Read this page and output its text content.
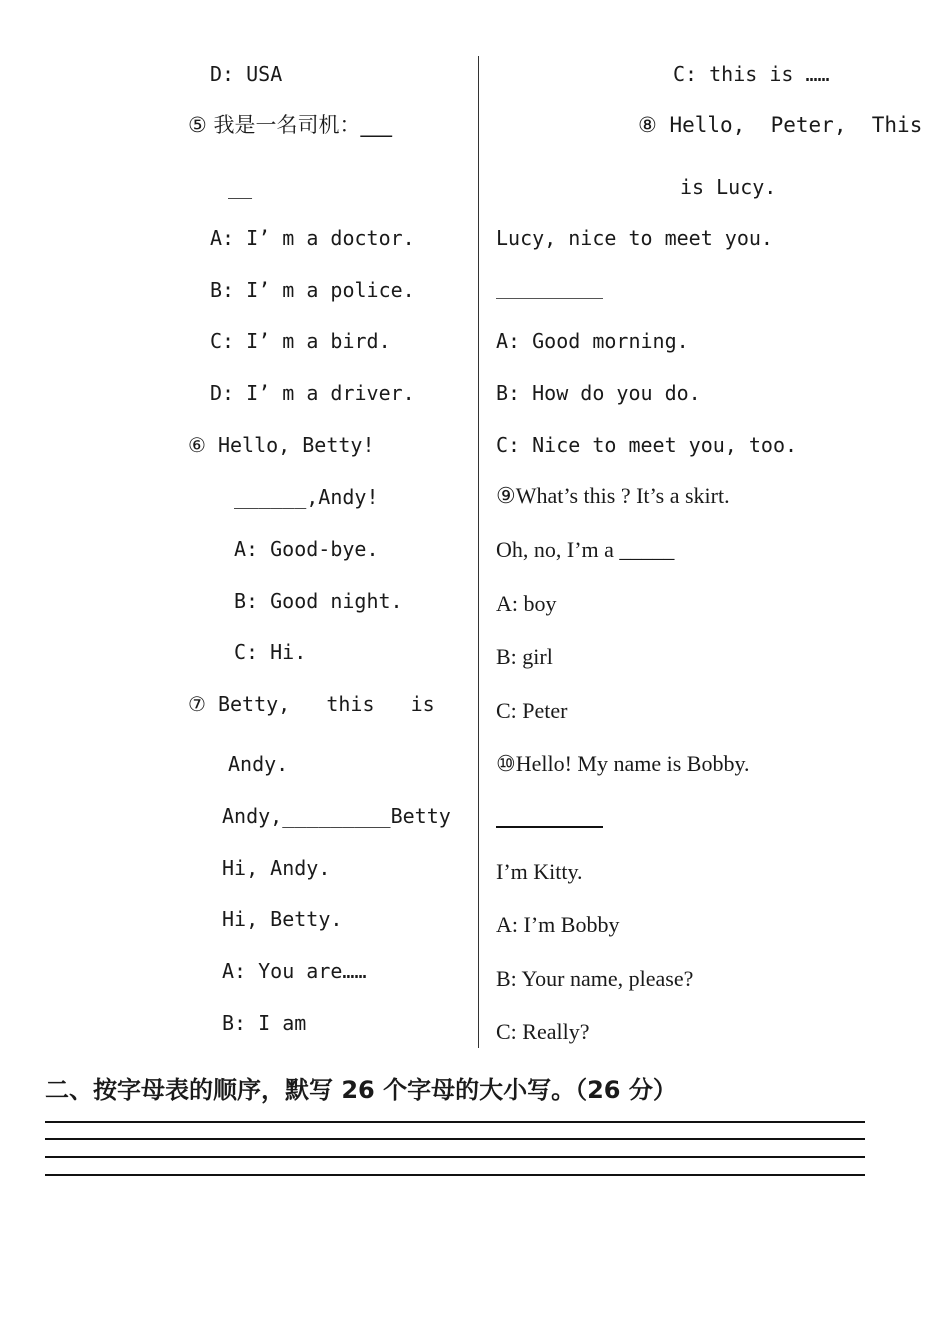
D: USA
⑤ 我是一名司机：___
__
A: I’ m a doctor.
B: I’ m a police.
C: I’ m a bird.
D: I’ m a driver.
⑥ Hello, Betty!
______,Andy!
A: Good-bye.
B: Good night.
C: Hi.
⑦ Betty,   this   is
Andy.
Andy,_________Betty
Hi, Andy.
Hi, Betty.
A: You are……
B: I am
C: this is ……
⑧ Hello,  Peter,  This
is Lucy.
Lucy, nice to meet you.
A: Good morning.
B: How do you do.
C: Nice to meet you, too.
⑨What’s this ? It’s a skirt.
Oh, no, I’m a _____
A: boy
B: girl
C: Peter
⑩Hello! My name is Bobby.
I’m Kitty.
A: I’m Bobby
B: Your name, please?
C: Really?
二、按字母表的顺序，默写 26 个字母的大小写。（26 分）
